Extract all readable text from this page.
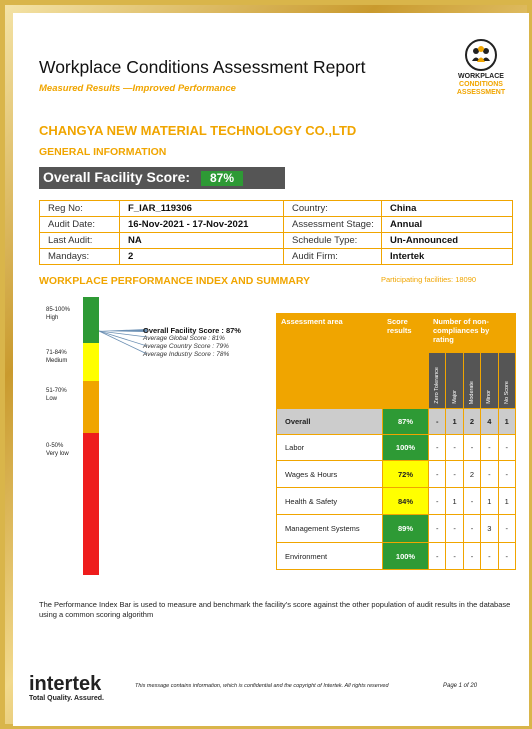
Workplace Conditions Assessment Report
Measured Results —Improved Performance
WORKPLACE
CONDITIONS
ASSESSMENT
CHANGYA NEW MATERIAL TECHNOLOGY CO.,LTD
GENERAL INFORMATION
Overall Facility Score:	87%
Reg No:	F_IAR_119306	Country:	China
Audit Date:	16-Nov-2021 - 17-Nov-2021	Assessment Stage:	Annual
Last Audit:	NA	Schedule Type:	Un-Announced
Mandays:	2	Audit Firm:	Intertek
WORKPLACE PERFORMANCE INDEX AND SUMMARY	Participating facilities: 18090
85-100%
High
71-84%
Medium
51-70%
Low
0-50%
Very low
Overall Facility Score : 87%
Average Global Score : 81%
Average Country Score : 79%
Average Industry Score : 78%
Assessment area	Score results	Number of non-compliances by rating				
		Zero Tolerance	Major	Moderate	Minor	No Score
Overall	87%	-	1	2	4	1
Labor	100%	-	-	-	-	-
Wages & Hours	72%	-	-	2	-	-
Health & Safety	84%	-	1	-	1	1
Management Systems	89%	-	-	-	3	-
Environment	100%	-	-	-	-	-
The Performance Index Bar is used to measure and benchmark the facility's score against the other population of audit results in the database using a common scoring algorithm
intertek
Total Quality. Assured.
This message contains information, which is confidential and the copyright of Intertek. All rights reserved	Page 1 of 20
